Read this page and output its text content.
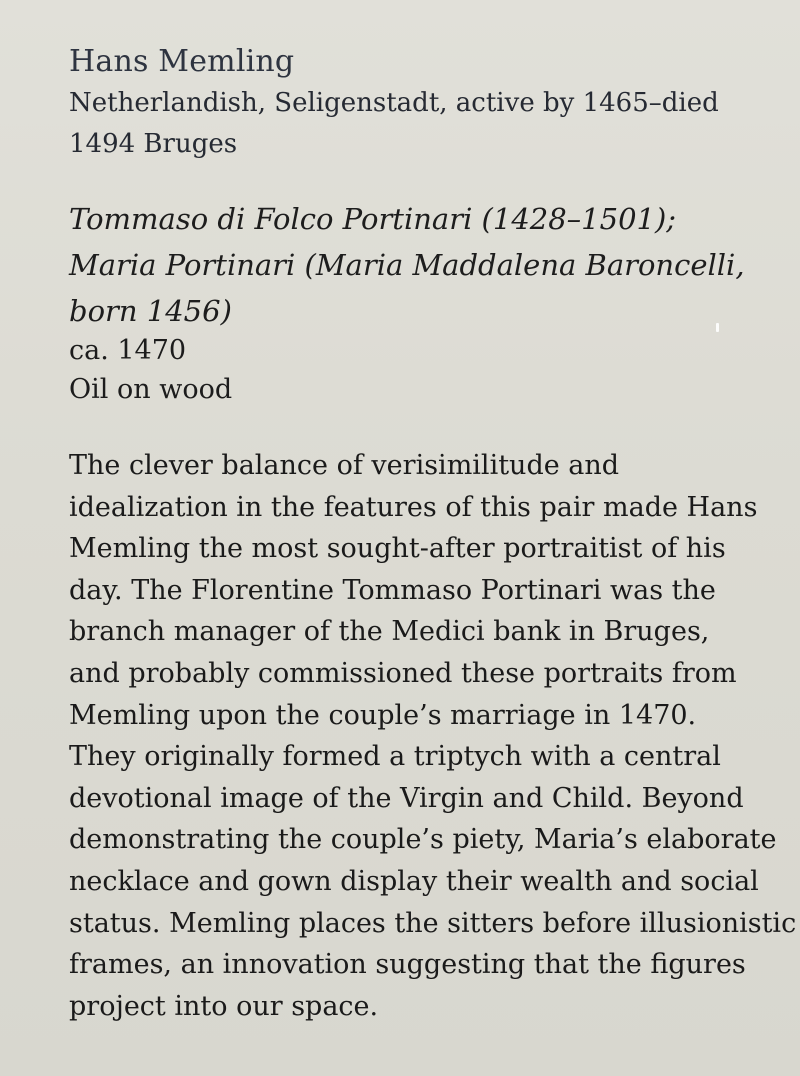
Hans Memling
Netherlandish, Seligenstadt, active by 1465–died
1494 Bruges
Tommaso di Folco Portinari (1428–1501);
Maria Portinari (Maria Maddalena Baroncelli,
born 1456)
ca. 1470
Oil on wood

The clever balance of verisimilitude and
idealization in the features of this pair made Hans
Memling the most sought-after portraitist of his
day. The Florentine Tommaso Portinari was the
branch manager of the Medici bank in Bruges,
and probably commissioned these portraits from
Memling upon the couple’s marriage in 1470.
They originally formed a triptych with a central
devotional image of the Virgin and Child. Beyond
demonstrating the couple’s piety, Maria’s elaborate
necklace and gown display their wealth and social
status. Memling places the sitters before illusionistic
frames, an innovation suggesting that the figures
project into our space.
